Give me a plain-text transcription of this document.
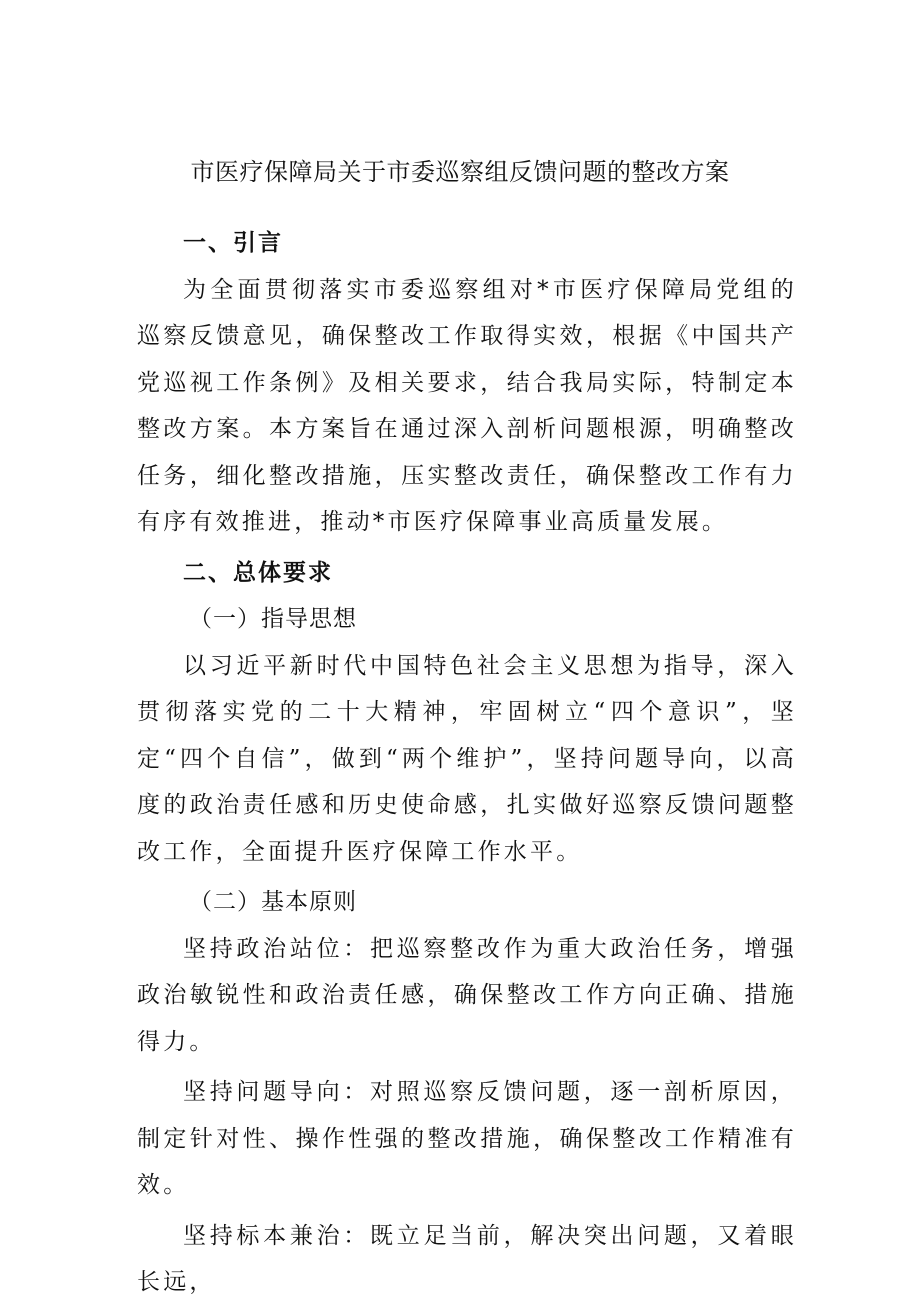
市医疗保障局关于市委巡察组反馈问题的整改方案

一、引言

为全面贯彻落实市委巡察组对*市医疗保障局党组的巡察反馈意见，确保整改工作取得实效，根据《中国共产党巡视工作条例》及相关要求，结合我局实际，特制定本整改方案。本方案旨在通过深入剖析问题根源，明确整改任务，细化整改措施，压实整改责任，确保整改工作有力有序有效推进，推动*市医疗保障事业高质量发展。

二、总体要求

（一）指导思想

以习近平新时代中国特色社会主义思想为指导，深入贯彻落实党的二十大精神，牢固树立“四个意识”，坚定“四个自信”，做到“两个维护”，坚持问题导向，以高度的政治责任感和历史使命感，扎实做好巡察反馈问题整改工作，全面提升医疗保障工作水平。

（二）基本原则

坚持政治站位：把巡察整改作为重大政治任务，增强政治敏锐性和政治责任感，确保整改工作方向正确、措施得力。

坚持问题导向：对照巡察反馈问题，逐一剖析原因，制定针对性、操作性强的整改措施，确保整改工作精准有效。

坚持标本兼治：既立足当前，解决突出问题，又着眼长远，
